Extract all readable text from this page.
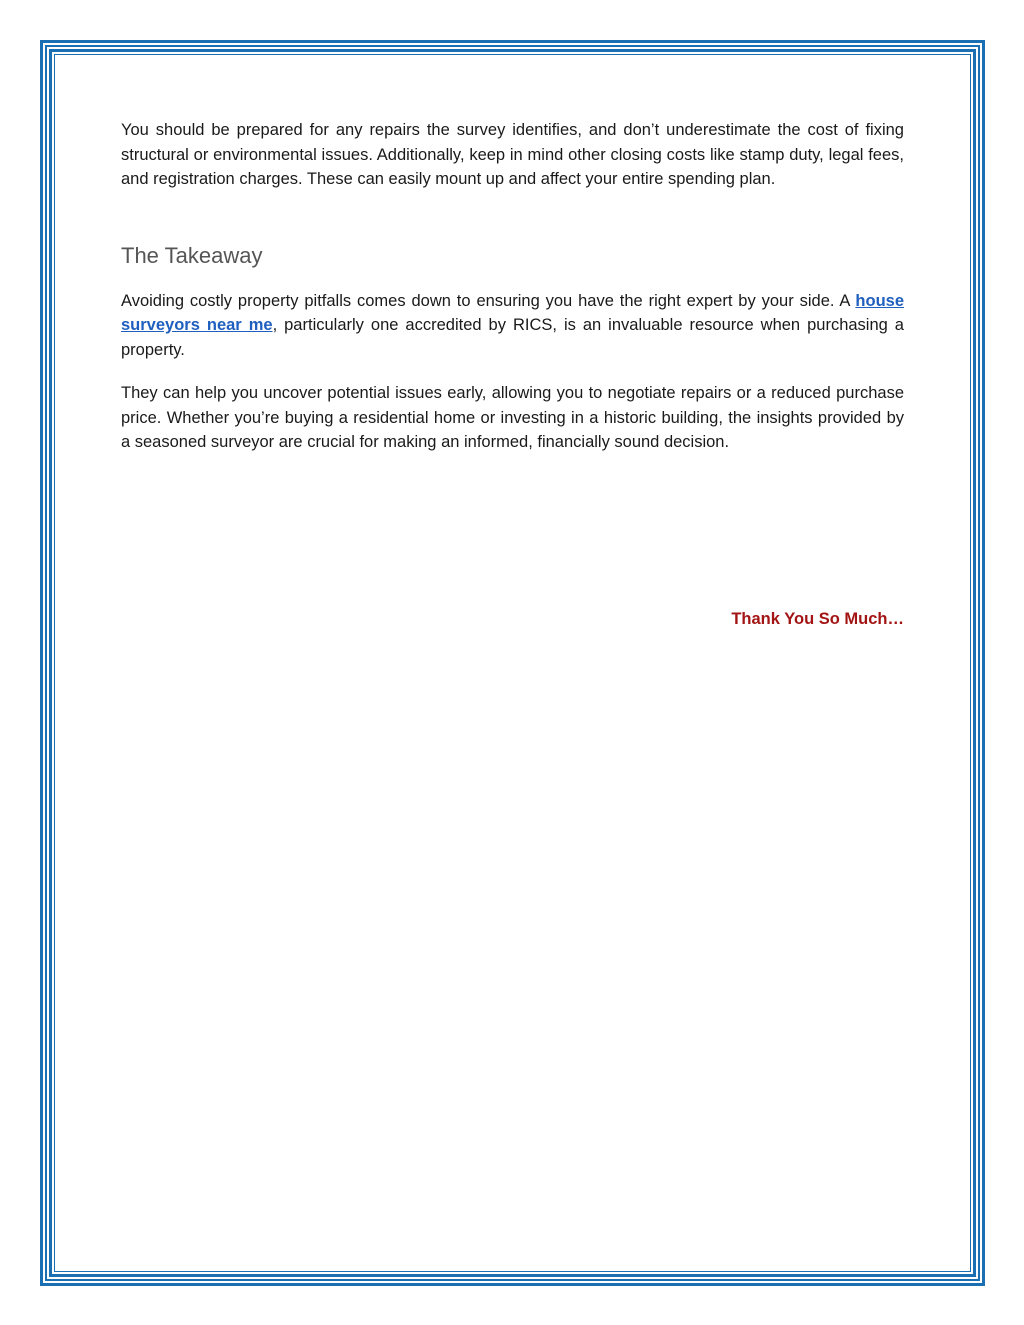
You should be prepared for any repairs the survey identifies, and don’t underestimate the cost of fixing structural or environmental issues. Additionally, keep in mind other closing costs like stamp duty, legal fees, and registration charges. These can easily mount up and affect your entire spending plan.

The Takeaway

Avoiding costly property pitfalls comes down to ensuring you have the right expert by your side. A house surveyors near me, particularly one accredited by RICS, is an invaluable resource when purchasing a property.

They can help you uncover potential issues early, allowing you to negotiate repairs or a reduced purchase price. Whether you’re buying a residential home or investing in a historic building, the insights provided by a seasoned surveyor are crucial for making an informed, financially sound decision.

Thank You So Much…
